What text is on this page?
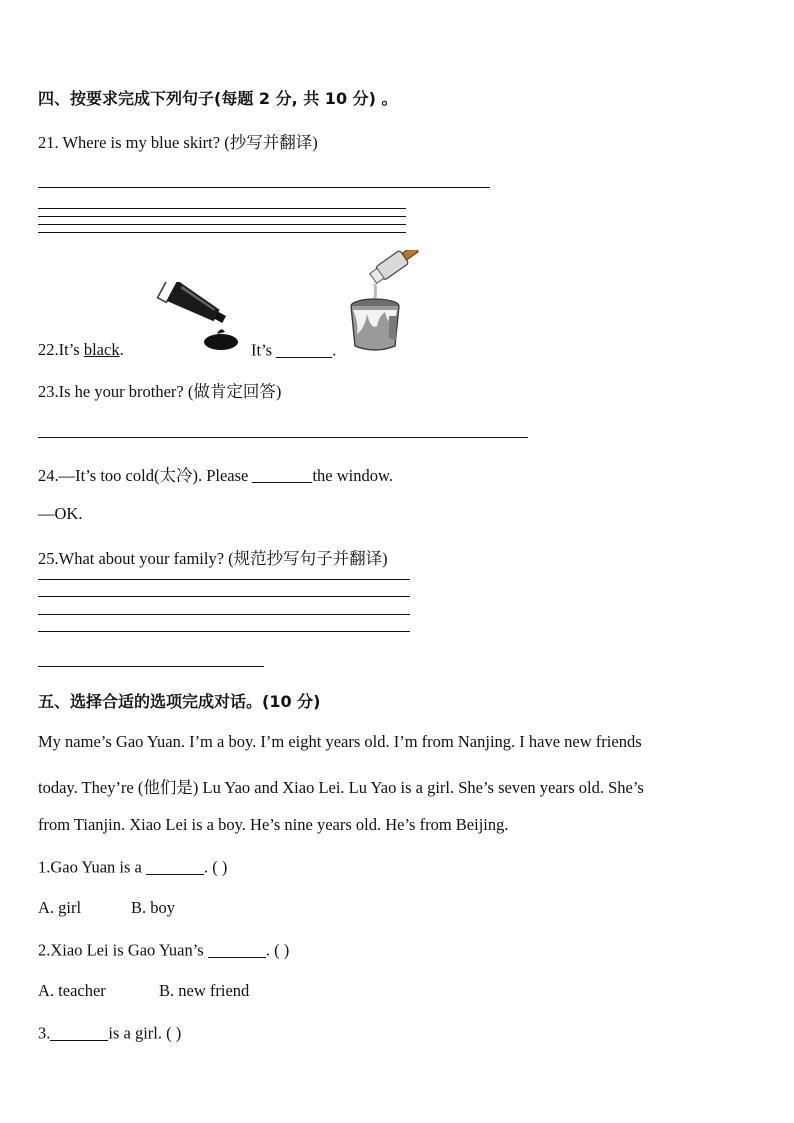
四、按要求完成下列句子(每题 2 分, 共 10 分) 。
21. Where is my blue skirt? (抄写并翻译)
22.It’s black.	It’s	.
23.Is he your brother? (做肯定回答)
24.—It’s too cold(太冷). Please	the window.
—OK.
25.What about your family? (规范抄写句子并翻译)
五、选择合适的选项完成对话。(10 分)
My name’s Gao Yuan. I’m a boy. I’m eight years old. I’m from Nanjing. I have new friends
today. They’re (他们是) Lu Yao and Xiao Lei. Lu Yao is a girl. She’s seven years old. She’s
from Tianjin. Xiao Lei is a boy. He’s nine years old. He’s from Beijing.
1.Gao Yuan is a	. ( )
A. girl	B. boy
2.Xiao Lei is Gao Yuan’s	. ( )
A. teacher	B. new friend
3.	is a girl. ( )
